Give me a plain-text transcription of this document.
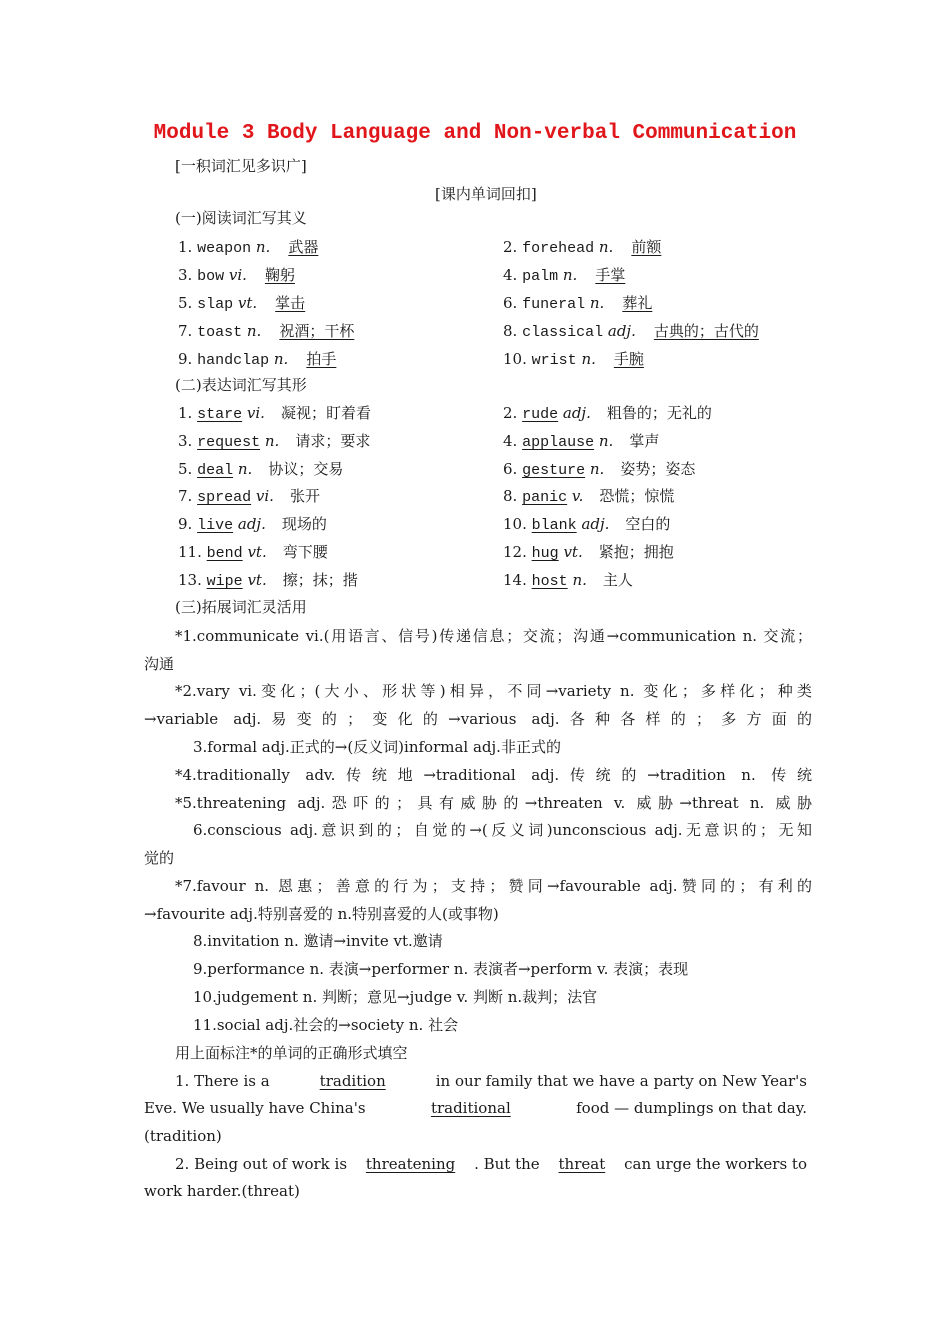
Module 3 Body Language and Non-verbal Communication
[一积词汇见多识广]
[课内单词回扣]
(一)阅读词汇写其义
1. weapon n. 武器	2. forehead n. 前额
3. bow vi. 鞠躬	4. palm n. 手掌
5. slap vt. 掌击	6. funeral n. 葬礼
7. toast n. 祝酒；干杯	8. classical adj. 古典的；古代的
9. handclap n. 拍手	10. wrist n. 手腕
(二)表达词汇写其形
1. stare vi. 凝视；盯着看	2. rude adj. 粗鲁的；无礼的
3. request n. 请求；要求	4. applause n. 掌声
5. deal n. 协议；交易	6. gesture n. 姿势；姿态
7. spread vi. 张开	8. panic v. 恐慌；惊慌
9. live adj. 现场的	10. blank adj. 空白的
11. bend vt. 弯下腰	12. hug vt. 紧抱；拥抱
13. wipe vt. 擦；抹；揩	14. host n. 主人
(三)拓展词汇灵活用
*1.communicate vi.(用语言、信号)传递信息；交流；沟通→communication n. 交流；
沟通
*2.vary vi.变化；(大小、形状等)相异，不同→variety n. 变化；多样化；种类
→variable adj.易变的；变化的→various adj.各种各样的；多方面的
3.formal adj.正式的→(反义词)informal adj.非正式的
*4.traditionally adv.传统地→traditional adj.传统的→tradition n. 传统
*5.threatening adj.恐吓的；具有威胁的→threaten v. 威胁→threat n. 威胁
6.conscious adj.意识到的；自觉的→(反义词)unconscious adj.无意识的；无知
觉的
*7.favour n. 恩惠；善意的行为；支持；赞同→favourable adj.赞同的；有利的
→favourite adj.特别喜爱的 n.特别喜爱的人(或事物)
8.invitation n. 邀请→invite vt.邀请
9.performance n. 表演→performer n. 表演者→perform v. 表演；表现
10.judgement n. 判断；意见→judge v. 判断 n.裁判；法官
11.social adj.社会的→society n. 社会
用上面标注*的单词的正确形式填空
1. There is a	tradition	in our family that we have a party on New Year's
Eve. We usually have China's	traditional	food — dumplings on that day.
(tradition)
2. Being out of work is threatening . But the threat can urge the workers to
work harder.(threat)
